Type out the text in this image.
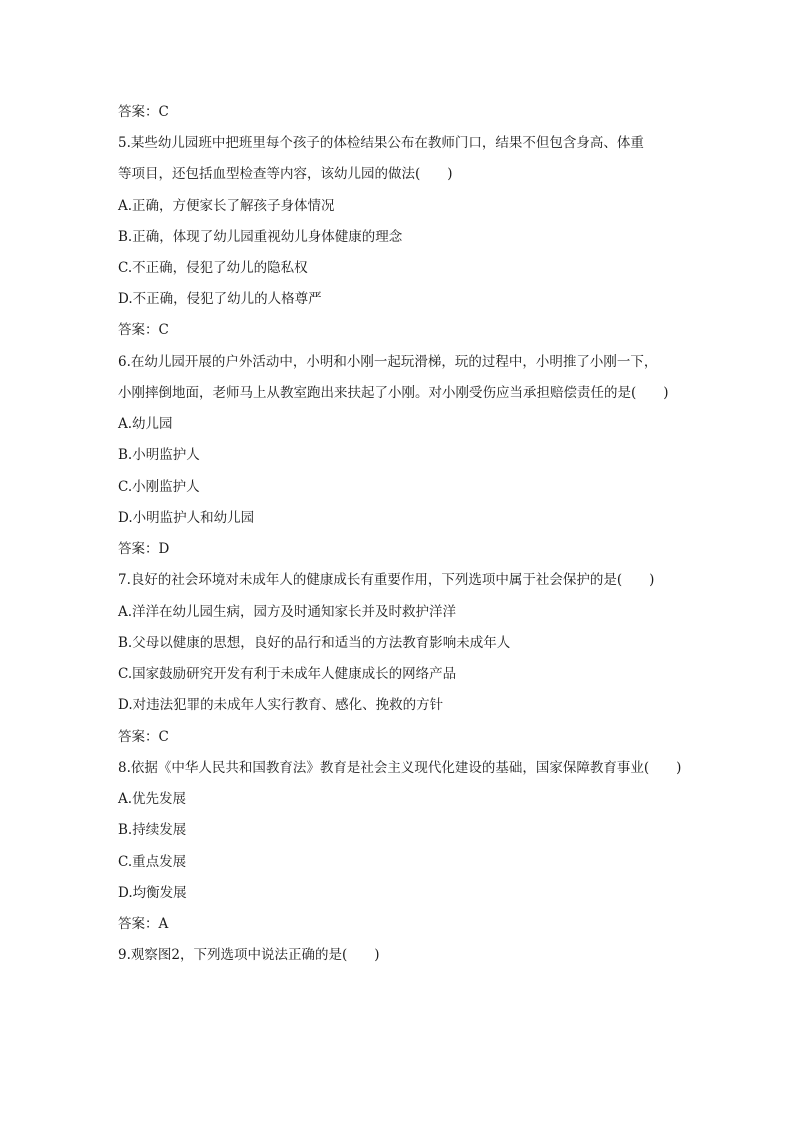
答案：C
5.某些幼儿园班中把班里每个孩子的体检结果公布在教师门口，结果不但包含身高、体重
等项目，还包括血型检查等内容，该幼儿园的做法(　　)
A.正确，方便家长了解孩子身体情况
B.正确，体现了幼儿园重视幼儿身体健康的理念
C.不正确，侵犯了幼儿的隐私权
D.不正确，侵犯了幼儿的人格尊严
答案：C
6.在幼儿园开展的户外活动中，小明和小刚一起玩滑梯，玩的过程中，小明推了小刚一下，
小刚摔倒地面，老师马上从教室跑出来扶起了小刚。对小刚受伤应当承担赔偿责任的是(　　)
A.幼儿园
B.小明监护人
C.小刚监护人
D.小明监护人和幼儿园
答案：D
7.良好的社会环境对未成年人的健康成长有重要作用，下列选项中属于社会保护的是(　　)
A.洋洋在幼儿园生病，园方及时通知家长并及时救护洋洋
B.父母以健康的思想，良好的品行和适当的方法教育影响未成年人
C.国家鼓励研究开发有利于未成年人健康成长的网络产品
D.对违法犯罪的未成年人实行教育、感化、挽救的方针
答案：C
8.依据《中华人民共和国教育法》教育是社会主义现代化建设的基础，国家保障教育事业(　　)
A.优先发展
B.持续发展
C.重点发展
D.均衡发展
答案：A
9.观察图2，下列选项中说法正确的是(　　)
